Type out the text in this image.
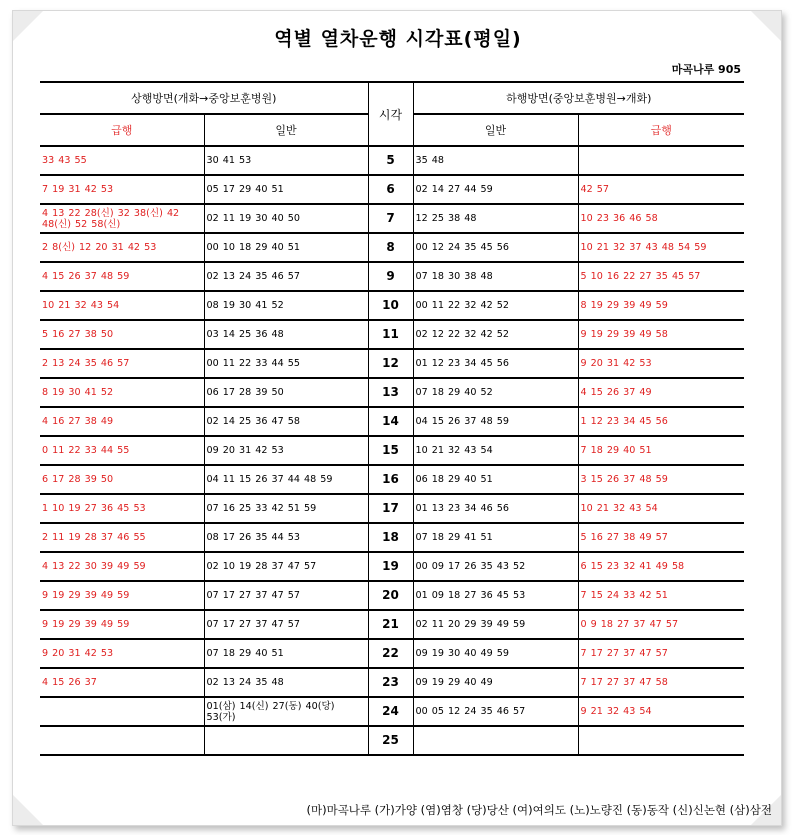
역별 열차운행 시각표(평일)
마곡나루 905
상행방면(개화→중앙보훈병원)		시각	하행방면(중앙보훈병원→개화)	
급행	일반		일반	급행
33 43 55	30 41 53	5	35 48	
7 19 31 42 53	05 17 29 40 51	6	02 14 27 44 59	42 57
4 13 22 28(신) 32 38(신) 42 48(신) 52 58(신)	02 11 19 30 40 50	7	12 25 38 48	10 23 36 46 58
2 8(신) 12 20 31 42 53	00 10 18 29 40 51	8	00 12 24 35 45 56	10 21 32 37 43 48 54 59
4 15 26 37 48 59	02 13 24 35 46 57	9	07 18 30 38 48	5 10 16 22 27 35 45 57
10 21 32 43 54	08 19 30 41 52	10	00 11 22 32 42 52	8 19 29 39 49 59
5 16 27 38 50	03 14 25 36 48	11	02 12 22 32 42 52	9 19 29 39 49 58
2 13 24 35 46 57	00 11 22 33 44 55	12	01 12 23 34 45 56	9 20 31 42 53
8 19 30 41 52	06 17 28 39 50	13	07 18 29 40 52	4 15 26 37 49
4 16 27 38 49	02 14 25 36 47 58	14	04 15 26 37 48 59	1 12 23 34 45 56
0 11 22 33 44 55	09 20 31 42 53	15	10 21 32 43 54	7 18 29 40 51
6 17 28 39 50	04 11 15 26 37 44 48 59	16	06 18 29 40 51	3 15 26 37 48 59
1 10 19 27 36 45 53	07 16 25 33 42 51 59	17	01 13 23 34 46 56	10 21 32 43 54
2 11 19 28 37 46 55	08 17 26 35 44 53	18	07 18 29 41 51	5 16 27 38 49 57
4 13 22 30 39 49 59	02 10 19 28 37 47 57	19	00 09 17 26 35 43 52	6 15 23 32 41 49 58
9 19 29 39 49 59	07 17 27 37 47 57	20	01 09 18 27 36 45 53	7 15 24 33 42 51
9 19 29 39 49 59	07 17 27 37 47 57	21	02 11 20 29 39 49 59	0 9 18 27 37 47 57
9 20 31 42 53	07 18 29 40 51	22	09 19 30 40 49 59	7 17 27 37 47 57
4 15 26 37	02 13 24 35 48	23	09 19 29 40 49	7 17 27 37 47 58
	01(삼) 14(신) 27(동) 40(당) 53(가)	24	00 05 12 24 35 46 57	9 21 32 43 54
		25		
(마)마곡나루 (가)가양 (염)염창 (당)당산 (여)여의도 (노)노량진 (동)동작 (신)신논현 (삼)삼전
